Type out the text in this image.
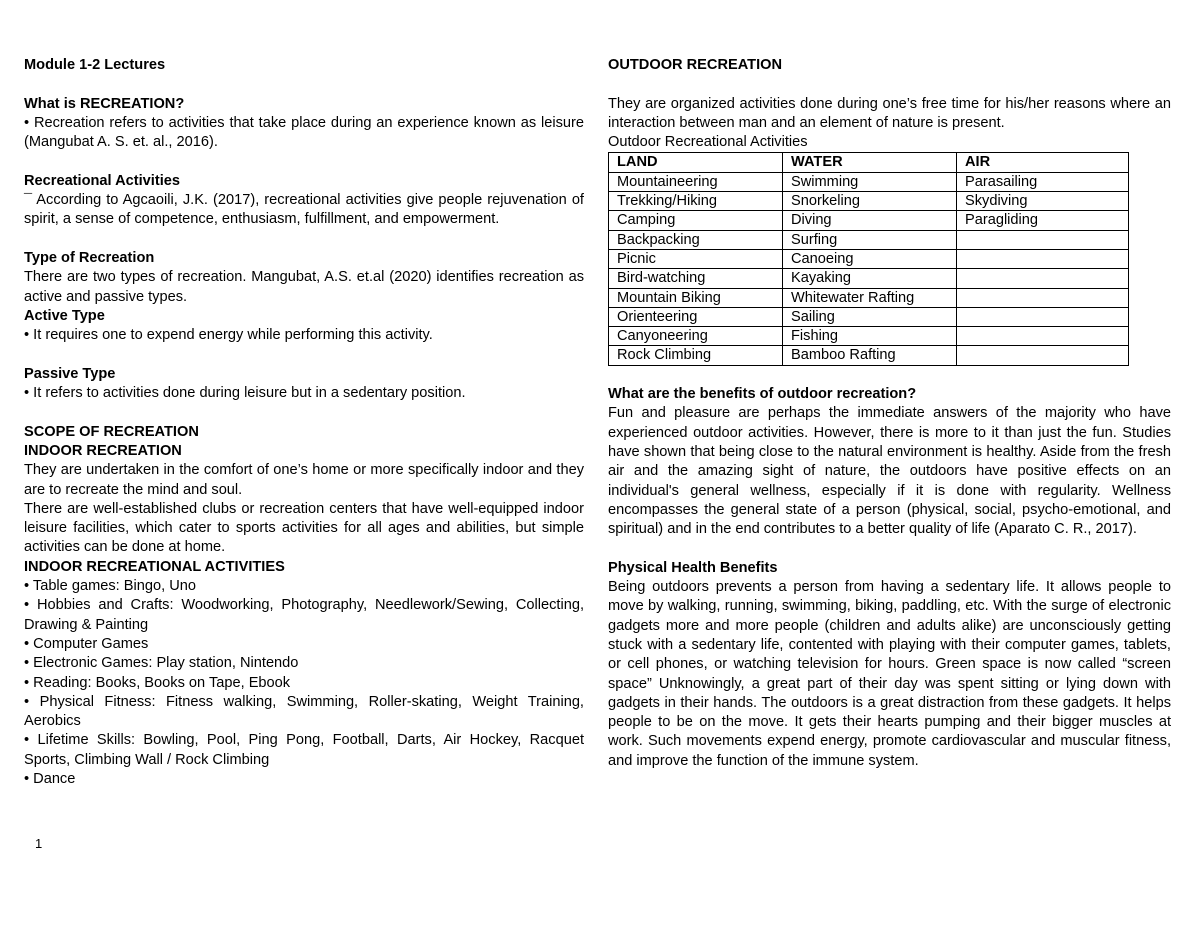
Module 1-2 Lectures
What is RECREATION?

• Recreation refers to activities that take place during an experience known as leisure (Mangubat A. S. et. al., 2016).

Recreational Activities

¯ According to Agcaoili, J.K. (2017), recreational activities give people rejuvenation of spirit, a sense of competence, enthusiasm, fulfillment, and empowerment.

Type of Recreation

There are two types of recreation. Mangubat, A.S. et.al (2020) identifies recreation as active and passive types.

Active Type

• It requires one to expend energy while performing this activity.

Passive Type

• It refers to activities done during leisure but in a sedentary position.

SCOPE OF RECREATION
INDOOR RECREATION

They are undertaken in the comfort of one’s home or more specifically indoor and they are to recreate the mind and soul.

There are well-established clubs or recreation centers that have well-equipped indoor leisure facilities, which cater to sports activities for all ages and abilities, but simple activities can be done at home.

INDOOR RECREATIONAL ACTIVITIES

• Table games: Bingo, Uno

• Hobbies and Crafts: Woodworking, Photography, Needlework/Sewing, Collecting, Drawing & Painting

• Computer Games

• Electronic Games: Play station, Nintendo

• Reading: Books, Books on Tape, Ebook

• Physical Fitness: Fitness walking, Swimming, Roller-skating, Weight Training, Aerobics

• Lifetime Skills: Bowling, Pool, Ping Pong, Football, Darts, Air Hockey, Racquet Sports, Climbing Wall / Rock Climbing

• Dance

1
OUTDOOR RECREATION

They are organized activities done during one’s free time for his/her reasons where an interaction between man and an element of nature is present.

Outdoor Recreational Activities

LAND	WATER	AIR
Mountaineering	Swimming	Parasailing
Trekking/Hiking	Snorkeling	Skydiving
Camping	Diving	Paragliding
Backpacking	Surfing	
Picnic	Canoeing	
Bird-watching	Kayaking	
Mountain Biking	Whitewater Rafting	
Orienteering	Sailing	
Canyoneering	Fishing	
Rock Climbing	Bamboo Rafting	
What are the benefits of outdoor recreation?

Fun and pleasure are perhaps the immediate answers of the majority who have experienced outdoor activities. However, there is more to it than just the fun. Studies have shown that being close to the natural environment is healthy. Aside from the fresh air and the amazing sight of nature, the outdoors have positive effects on an individual's general wellness, especially if it is done with regularity. Wellness encompasses the general state of a person (physical, social, psycho-emotional, and spiritual) and in the end contributes to a better quality of life (Aparato C. R., 2017).

Physical Health Benefits

Being outdoors prevents a person from having a sedentary life. It allows people to move by walking, running, swimming, biking, paddling, etc. With the surge of electronic gadgets more and more people (children and adults alike) are unconsciously getting stuck with a sedentary life, contented with playing with their computer games, tablets, or cell phones, or watching television for hours. Green space is now called “screen space” Unknowingly, a great part of their day was spent sitting or lying down with gadgets in their hands. The outdoors is a great distraction from these gadgets. It helps people to be on the move. It gets their hearts pumping and their bigger muscles at work. Such movements expend energy, promote cardiovascular and muscular fitness, and improve the function of the immune system.
